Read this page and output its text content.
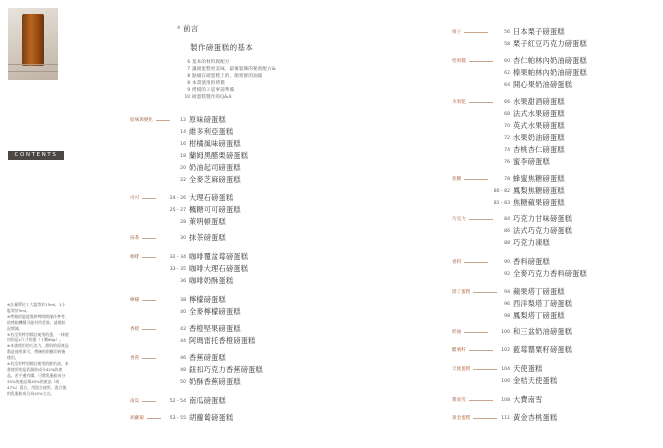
CONTENTS
※計量單位１大匙等於15ml，1小匙等於5ml。
※烤箱的溫度與烘烤時間僅作參考，依烤箱機種可能有所差異，請視狀況增減。
※若沒有特別標註使用的蛋，一律使用的是L尺寸的蛋（１顆60g）。
※本書使用的巧克力、甜奶的原產品都是使用即可，傳統的則應切碎後使用。
※若沒有特別標註使用的鮮奶油，本書使用的是乳脂肪成分42%的產品。若手邊有購，可將乳脂肪成分35%的產品與45%的產品（或47%）混合，用混合使用，混合後的乳脂肪成分為42%左右。
4 前言
製作磅蛋糕的基本
6 基本的材料與配方
7 讓磅蛋糕更美味，最後裝飾的秘密配方&
8 點綴在磅蛋糕上的，顏密鮮的油霜
8 本書使用的烤模
9 烤模的２道事前準備
10 磅蛋糕製作的Q&A
原味與變化	12 原味磅蛋糕
14 維多利亞蛋糕
16 柑橘風味磅蛋糕
18 蘭姆黑醋栗磅蛋糕
20 奶油起司磅蛋糕
22 全麥芝麻磅蛋糕
可可	24・26 大理石磅蛋糕
25・27 楓糖可可磅蛋糕
28 萊明頓蛋糕
抹茶	30 抹茶磅蛋糕
咖啡	32・34 咖啡覆盆莓磅蛋糕
33・35 咖啡大理石磅蛋糕
36 咖啡奶酥蛋糕
檸檬	38 檸檬磅蛋糕
40 全麥檸檬磅蛋糕
香橙	42 香橙堅果磅蛋糕
44 阿瑪雷托香橙磅蛋糕
香蕉	46 香蕉磅蛋糕
48 鈕扣巧克力香蕉磅蛋糕
50 奶酥香蕉磅蛋糕
南瓜	52・54 南瓜磅蛋糕
胡蘿蔔	53・55 胡蘿蔔磅蛋糕
栗子	56 日本栗子磅蛋糕
58 栗子紅豆巧克力磅蛋糕
堅果醬	60 杏仁帕林內奶油磅蛋糕
62 榛果帕林內奶油磅蛋糕
64 開心果奶油磅蛋糕
水果乾	66 水果甜酒磅蛋糕
68 法式水果磅蛋糕
70 英式水果磅蛋糕
72 水果奶油磅蛋糕
74 杏桃杏仁磅蛋糕
76 蜜李磅蛋糕
焦糖	78 蜂蜜焦糖磅蛋糕
80・82 鳳梨焦糖磅蛋糕
81・83 焦糖蘋果磅蛋糕
巧克力	84 巧克力甘味磅蛋糕
86 法式巧克力磅蛋糕
88 巧克力凍糕
香料	90 香料磅蛋糕
92 全麥巧克力香料磅蛋糕
塔丁蛋糕	94 蘋果塔丁磅蛋糕
96 西洋梨塔丁磅蛋糕
98 鳳梨塔丁磅蛋糕
奶油	100 和三盆奶油磅蛋糕
醋栗籽	102 藍莓罌粟籽磅蛋糕
天使蛋糕	104 天使蛋糕
106 金桔天使蛋糕
費南雪	108 大費南雪
黃金蛋糕	111 黃金杏桃蛋糕
